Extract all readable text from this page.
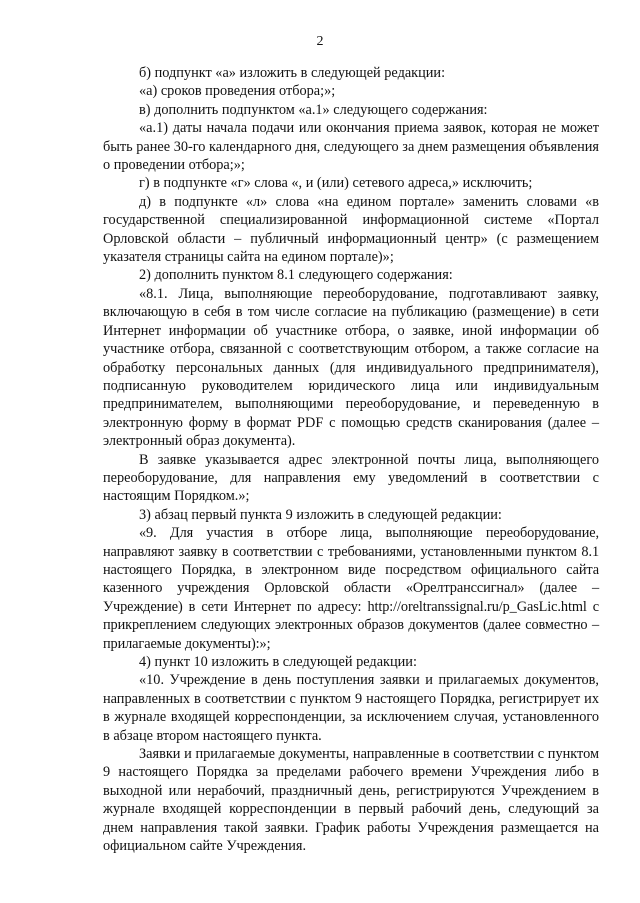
2

б) подпункт «а» изложить в следующей редакции:

«а) сроков проведения отбора;»;

в) дополнить подпунктом «а.1» следующего содержания:

«а.1) даты начала подачи или окончания приема заявок, которая не может быть ранее 30-го календарного дня, следующего за днем размещения объявления о проведении отбора;»;

г) в подпункте «г» слова «, и (или) сетевого адреса,» исключить;

д) в подпункте «л» слова «на едином портале» заменить словами «в государственной специализированной информационной системе «Портал Орловской области – публичный информационный центр» (с размещением указателя страницы сайта на едином портале)»;

2) дополнить пунктом 8.1 следующего содержания:

«8.1. Лица, выполняющие переоборудование, подготавливают заявку, включающую в себя в том числе согласие на публикацию (размещение) в сети Интернет информации об участнике отбора, о заявке, иной информации об участнике отбора, связанной с соответствующим отбором, а также согласие на обработку персональных данных (для индивидуального предпринимателя), подписанную руководителем юридического лица или индивидуальным предпринимателем, выполняющими переоборудование, и переведенную в электронную форму в формат PDF с помощью средств сканирования (далее – электронный образ документа).

В заявке указывается адрес электронной почты лица, выполняющего переоборудование, для направления ему уведомлений в соответствии с настоящим Порядком.»;

3) абзац первый пункта 9 изложить в следующей редакции:

«9. Для участия в отборе лица, выполняющие переоборудование, направляют заявку в соответствии с требованиями, установленными пунктом 8.1 настоящего Порядка, в электронном виде посредством официального сайта казенного учреждения Орловской области «Орелтранссигнал» (далее – Учреждение) в сети Интернет по адресу: http://oreltranssignal.ru/p_GasLic.html с прикреплением следующих электронных образов документов (далее совместно – прилагаемые документы):»;

4) пункт 10 изложить в следующей редакции:

«10. Учреждение в день поступления заявки и прилагаемых документов, направленных в соответствии с пунктом 9 настоящего Порядка, регистрирует их в журнале входящей корреспонденции, за исключением случая, установленного в абзаце втором настоящего пункта.

Заявки и прилагаемые документы, направленные в соответствии с пунктом 9 настоящего Порядка за пределами рабочего времени Учреждения либо в выходной или нерабочий, праздничный день, регистрируются Учреждением в журнале входящей корреспонденции в первый рабочий день, следующий за днем направления такой заявки. График работы Учреждения размещается на официальном сайте Учреждения.
